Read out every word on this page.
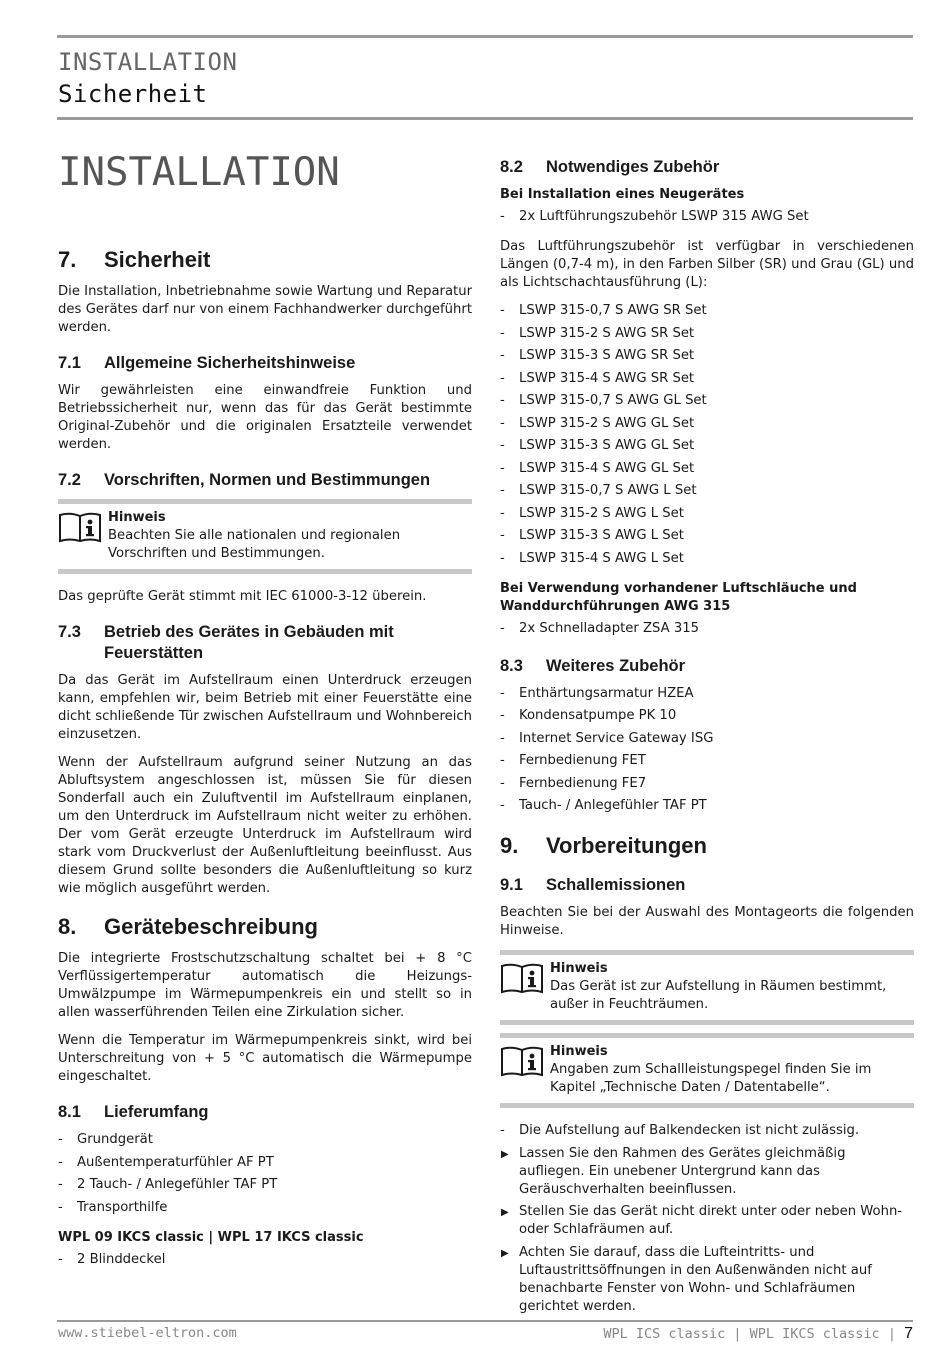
INSTALLATION
Sicherheit
INSTALLATION
7.	Sicherheit

Die Installation, Inbetriebnahme sowie Wartung und Reparatur des Gerätes darf nur von einem Fachhandwerker durchgeführt werden.

7.1	Allgemeine Sicherheitshinweise

Wir gewährleisten eine einwandfreie Funktion und Betriebssicherheit nur, wenn das für das Gerät bestimmte Original-Zubehör und die originalen Ersatzteile verwendet werden.

7.2	Vorschriften, Normen und Bestimmungen
Hinweis
Beachten Sie alle nationalen und regionalen Vorschriften und Bestimmungen.

Das geprüfte Gerät stimmt mit IEC 61000-3-12 überein.

7.3	Betrieb des Gerätes in Gebäuden mit Feuerstätten

Da das Gerät im Aufstellraum einen Unterdruck erzeugen kann, empfehlen wir, beim Betrieb mit einer Feuerstätte eine dicht schließende Tür zwischen Aufstellraum und Wohnbereich einzusetzen.

Wenn der Aufstellraum aufgrund seiner Nutzung an das Abluftsystem angeschlossen ist, müssen Sie für diesen Sonderfall auch ein Zuluftventil im Aufstellraum einplanen, um den Unterdruck im Aufstellraum nicht weiter zu erhöhen. Der vom Gerät erzeugte Unterdruck im Aufstellraum wird stark vom Druckverlust der Außenluftleitung beeinflusst. Aus diesem Grund sollte besonders die Außenluftleitung so kurz wie möglich ausgeführt werden.

8.	Gerätebeschreibung

Die integrierte Frostschutzschaltung schaltet bei + 8 °C Verflüssigertemperatur automatisch die Heizungs-Umwälzpumpe im Wärmepumpenkreis ein und stellt so in allen wasserführenden Teilen eine Zirkulation sicher.

Wenn die Temperatur im Wärmepumpenkreis sinkt, wird bei Unterschreitung von + 5 °C automatisch die Wärmepumpe eingeschaltet.

8.1	Lieferumfang
- Grundgerät
- Außentemperaturfühler AF PT
- 2 Tauch- / Anlegefühler TAF PT
- Transporthilfe
WPL 09 IKCS classic | WPL 17 IKCS classic
- 2 Blinddeckel
8.2	Notwendiges Zubehör
Bei Installation eines Neugerätes
- 2x Luftführungszubehör LSWP 315 AWG Set

Das Luftführungszubehör ist verfügbar in verschiedenen Längen (0,7-4 m), in den Farben Silber (SR) und Grau (GL) und als Lichtschachtausführung (L):

- LSWP 315-0,7 S AWG SR Set
- LSWP 315-2 S AWG SR Set
- LSWP 315-3 S AWG SR Set
- LSWP 315-4 S AWG SR Set
- LSWP 315-0,7 S AWG GL Set
- LSWP 315-2 S AWG GL Set
- LSWP 315-3 S AWG GL Set
- LSWP 315-4 S AWG GL Set
- LSWP 315-0,7 S AWG L Set
- LSWP 315-2 S AWG L Set
- LSWP 315-3 S AWG L Set
- LSWP 315-4 S AWG L Set
Bei Verwendung vorhandener Luftschläuche und Wanddurchführungen AWG 315
- 2x Schnelladapter ZSA 315
8.3	Weiteres Zubehör
- Enthärtungsarmatur HZEA
- Kondensatpumpe PK 10
- Internet Service Gateway ISG
- Fernbedienung FET
- Fernbedienung FE7
- Tauch- / Anlegefühler TAF PT
9.	Vorbereitungen
9.1	Schallemissionen

Beachten Sie bei der Auswahl des Montageorts die folgenden Hinweise.

Hinweis
Das Gerät ist zur Aufstellung in Räumen bestimmt, außer in Feuchträumen.
Hinweis
Angaben zum Schallleistungspegel finden Sie im Kapitel „Technische Daten / Datentabelle“.
- Die Aufstellung auf Balkendecken ist nicht zulässig.
▶ Lassen Sie den Rahmen des Gerätes gleichmäßig aufliegen. Ein unebener Untergrund kann das Geräuschverhalten beeinflussen.
▶ Stellen Sie das Gerät nicht direkt unter oder neben Wohn- oder Schlafräumen auf.
▶ Achten Sie darauf, dass die Lufteintritts- und Luftaustrittsöffnungen in den Außenwänden nicht auf benachbarte Fenster von Wohn- und Schlafräumen gerichtet werden.
www.stiebel-eltron.com	WPL ICS classic | WPL IKCS classic | 7
